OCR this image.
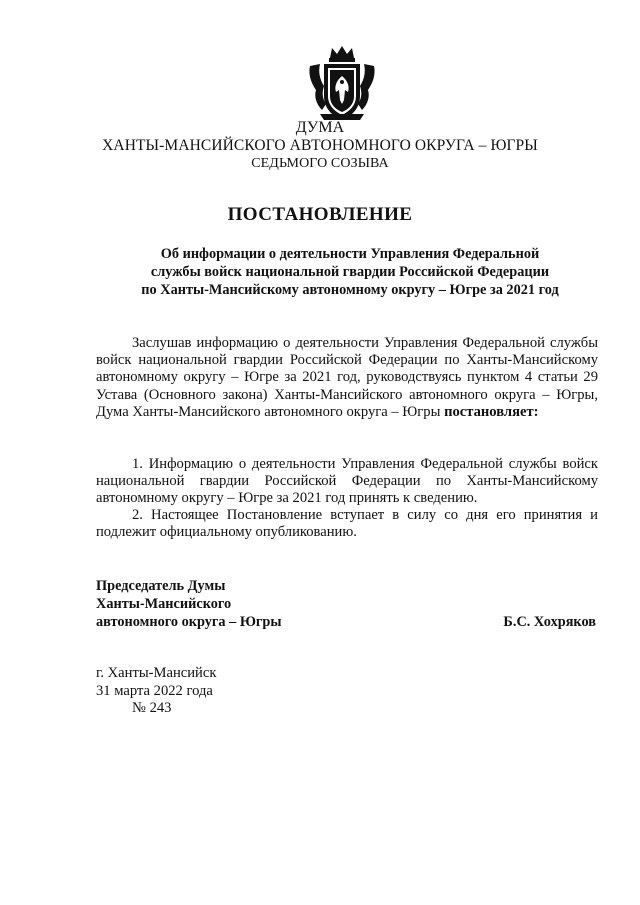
ДУМА
ХАНТЫ-МАНСИЙСКОГО АВТОНОМНОГО ОКРУГА – ЮГРЫ
СЕДЬМОГО СОЗЫВА
ПОСТАНОВЛЕНИЕ
Об информации о деятельности Управления Федеральной
службы войск национальной гвардии Российской Федерации
по Ханты-Мансийскому автономному округу – Югре за 2021 год
Заслушав информацию о деятельности Управления Федеральной службы войск национальной гвардии Российской Федерации по Ханты-Мансийскому автономному округу – Югре за 2021 год, руководствуясь пунктом 4 статьи 29 Устава (Основного закона) Ханты-Мансийского автономного округа – Югры, Дума Ханты-Мансийского автономного округа – Югры постановляет:
1. Информацию о деятельности Управления Федеральной службы войск национальной гвардии Российской Федерации по Ханты-Мансийскому автономному округу – Югре за 2021 год принять к сведению.
2. Настоящее Постановление вступает в силу со дня его принятия и подлежит официальному опубликованию.
Председатель Думы
Ханты-Мансийского
автономного округа – Югры	Б.С. Хохряков
г. Ханты-Мансийск
31 марта 2022 года
№ 243
